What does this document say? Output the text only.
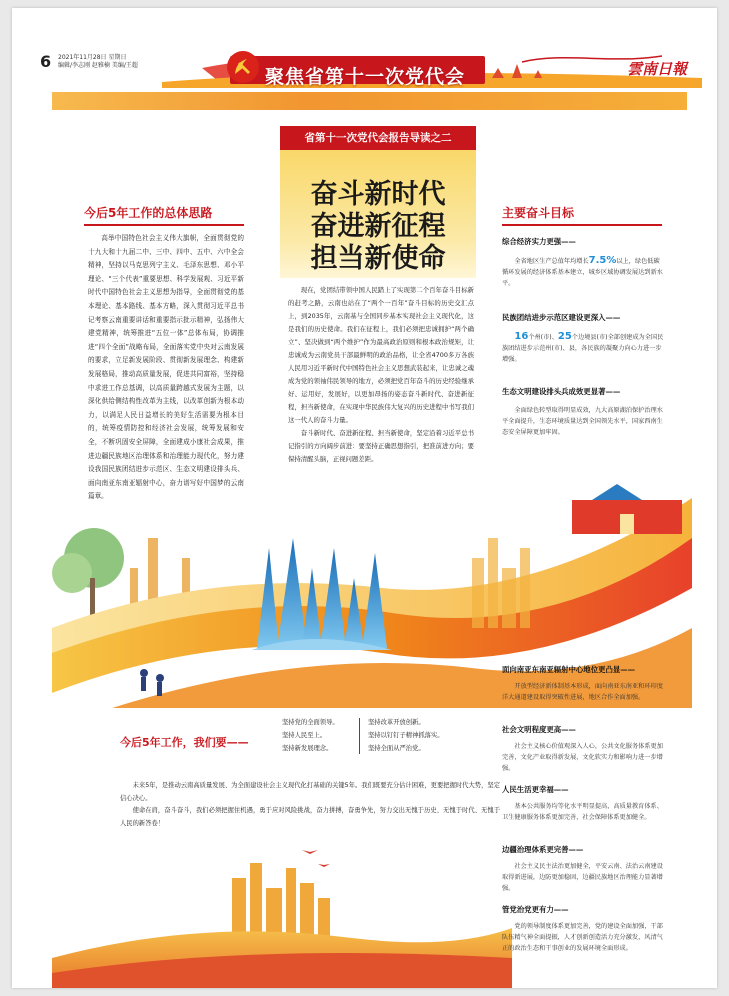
6 2021年11月28日 星期日
编辑/李志刚 赵雅楠 美编/王超
聚焦省第十一次党代会	雲南日報
省第十一次党代会报告导读之二
奋斗新时代
奋进新征程
担当新使命

现在，党团结带领中国人民踏上了实现第二个百年奋斗目标新的赶考之路，云南也站在了“两个一百年”奋斗目标的历史交汇点上，到2035年，云南基与全国同步基本实现社会主义现代化，这是我们的历史使命。我们在征程上，我们必须把忠诚拥护“两个确立”、坚决做到“两个维护”作为最高政治原则和根本政治规矩，让忠诚成为云南党员干部最鲜明的政治品格，让全省4700多万各族人民用习近平新时代中国特色社会主义思想武装起来，让忠诚之魂成为党的领袖伟民领导的地方，必须把党百年奋斗的历史经验继承好、运用好，发展好，以更加昂扬的姿态奋斗新时代、奋进新征程，担当新使命，在实现中华民族伟大复兴的历史进程中书写我们这一代人的奋斗力量。

奋斗新时代、奋进新征程、担当新使命，坚定沿着习近平总书记指引的方向阔步前进：要坚持正确思想指引，把准前进方向；要保持清醒头脑，正视问题差距。

今后5年工作的总体思路
高举中国特色社会主义伟大旗帜，全面贯彻党的十九大和十九届二中、三中、四中、五中、六中全会精神，坚持以马克思列宁主义、毛泽东思想、邓小平理论、“三个代表”重要思想、科学发展观、习近平新时代中国特色社会主义思想为指导，全面贯彻党的基本理论、基本路线、基本方略，深入贯彻习近平总书记考察云南重要讲话和重要指示批示精神，弘扬伟大建党精神，统筹推进“五位一体”总体布局，协调推进“四个全面”战略布局，全面落实党中央对云南发展的要求，立足新发展阶段、贯彻新发展理念、构建新发展格局，推动高质量发展，促进共同富裕，坚持稳中求进工作总基调，以高质量跨越式发展为主题，以深化供给侧结构性改革为主线，以改革创新为根本动力，以满足人民日益增长的美好生活需要为根本目的，统筹疫情防控和经济社会发展，统筹发展和安全，不断巩固安全屏障，全面建成小康社会成果，推进边疆民族地区治理体系和治理能力现代化，努力建设我国民族团结进步示范区、生态文明建设排头兵、面向南亚东南亚辐射中心，奋力谱写好中国梦的云南篇章。
主要奋斗目标
综合经济实力更强——
全省地区生产总值年均增长7.5%以上，绿色低碳循环发展的经济体系基本建立，城乡区域协调发展达到新水平。
民族团结进步示范区建设更深入——
16个州(市)、25个边境县(市)全部创建成为全国民族团结进步示范州(市)、县，各民族的凝聚力向心力进一步增强。
生态文明建设排头兵成效更显著——
全面绿色转型取得明显成效，九大高原湖泊保护治理水平全面提升，生态环境质量达到全国领先水平，国家西南生态安全屏障更加牢固。
今后5年工作，我们要——
坚持党的全面领导。
坚持人民至上。
坚持新发展理念。
坚持改革开放创新。
坚持以钉钉子精神抓落实。
坚持全面从严治党。

未来5年，是推动云南高质量发展、为全面建设社会主义现代化打基础的关键5年。我们既要充分估计困难，更要把握时代大势，坚定信心决心。

使命在肩，奋斗奋斗，我们必须把握住机遇，勇于应对风险挑战，奋力拼搏，奋勇争先，努力交出无愧于历史、无愧于时代、无愧于人民的新答卷！

面向南亚东南亚辐射中心地位更凸显——
开放型经济新体制基本形成，面向南亚东南亚和环印度洋大通道建设取得突破性进展，地区合作全面加强。
社会文明程度更高——
社会主义核心价值观深入人心，公共文化服务体系更加完善，文化产业取得新发展，文化软实力和影响力进一步增强。
人民生活更幸福——
基本公共服务均等化水平明显提高，高质量教育体系、卫生健康服务体系更加完善，社会保障体系更加健全。
边疆治理体系更完善——
社会主义民主法治更加健全，平安云南、法治云南建设取得新进展，边防更加稳固，边疆民族地区治理能力显著增强。
管党治党更有力——
党的领导制度体系更加完善，党的建设全面加强，干部队伍精气神全面提振，人才创新创造活力充分激发，风清气正的政治生态和干事创业的发展环境全面形成。
